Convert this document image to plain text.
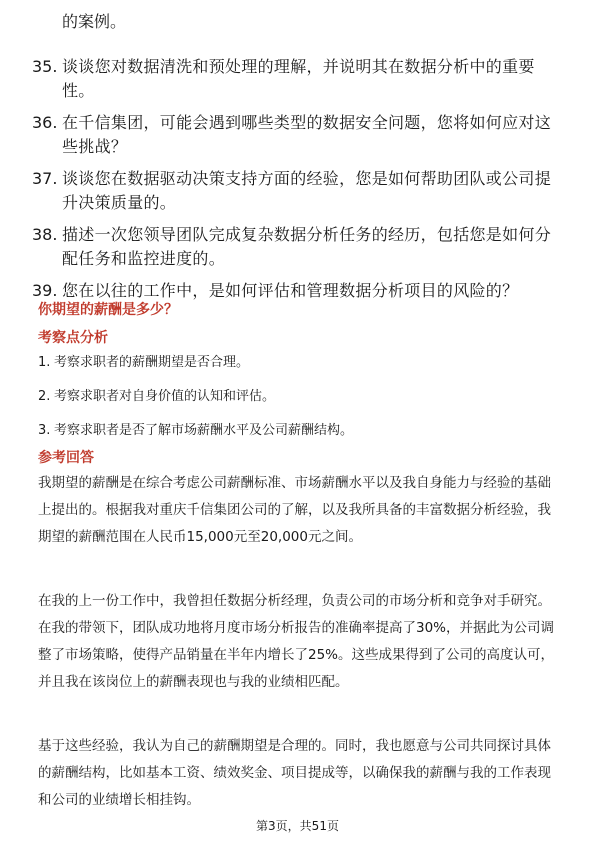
的案例。
35. 谈谈您对数据清洗和预处理的理解，并说明其在数据分析中的重要性。
36. 在千信集团，可能会遇到哪些类型的数据安全问题，您将如何应对这些挑战？
37. 谈谈您在数据驱动决策支持方面的经验，您是如何帮助团队或公司提升决策质量的。
38. 描述一次您领导团队完成复杂数据分析任务的经历，包括您是如何分配任务和监控进度的。
39. 您在以往的工作中，是如何评估和管理数据分析项目的风险的？
你期望的薪酬是多少？
考察点分析
1. 考察求职者的薪酬期望是否合理。
2. 考察求职者对自身价值的认知和评估。
3. 考察求职者是否了解市场薪酬水平及公司薪酬结构。
参考回答

我期望的薪酬是在综合考虑公司薪酬标准、市场薪酬水平以及我自身能力与经验的基础上提出的。根据我对重庆千信集团公司的了解，以及我所具备的丰富数据分析经验，我期望的薪酬范围在人民币15,000元至20,000元之间。

在我的上一份工作中，我曾担任数据分析经理，负责公司的市场分析和竞争对手研究。在我的带领下，团队成功地将月度市场分析报告的准确率提高了30%，并据此为公司调整了市场策略，使得产品销量在半年内增长了25%。这些成果得到了公司的高度认可，并且我在该岗位上的薪酬表现也与我的业绩相匹配。

基于这些经验，我认为自己的薪酬期望是合理的。同时，我也愿意与公司共同探讨具体的薪酬结构，比如基本工资、绩效奖金、项目提成等，以确保我的薪酬与我的工作表现和公司的业绩增长相挂钩。

第3页，共51页
